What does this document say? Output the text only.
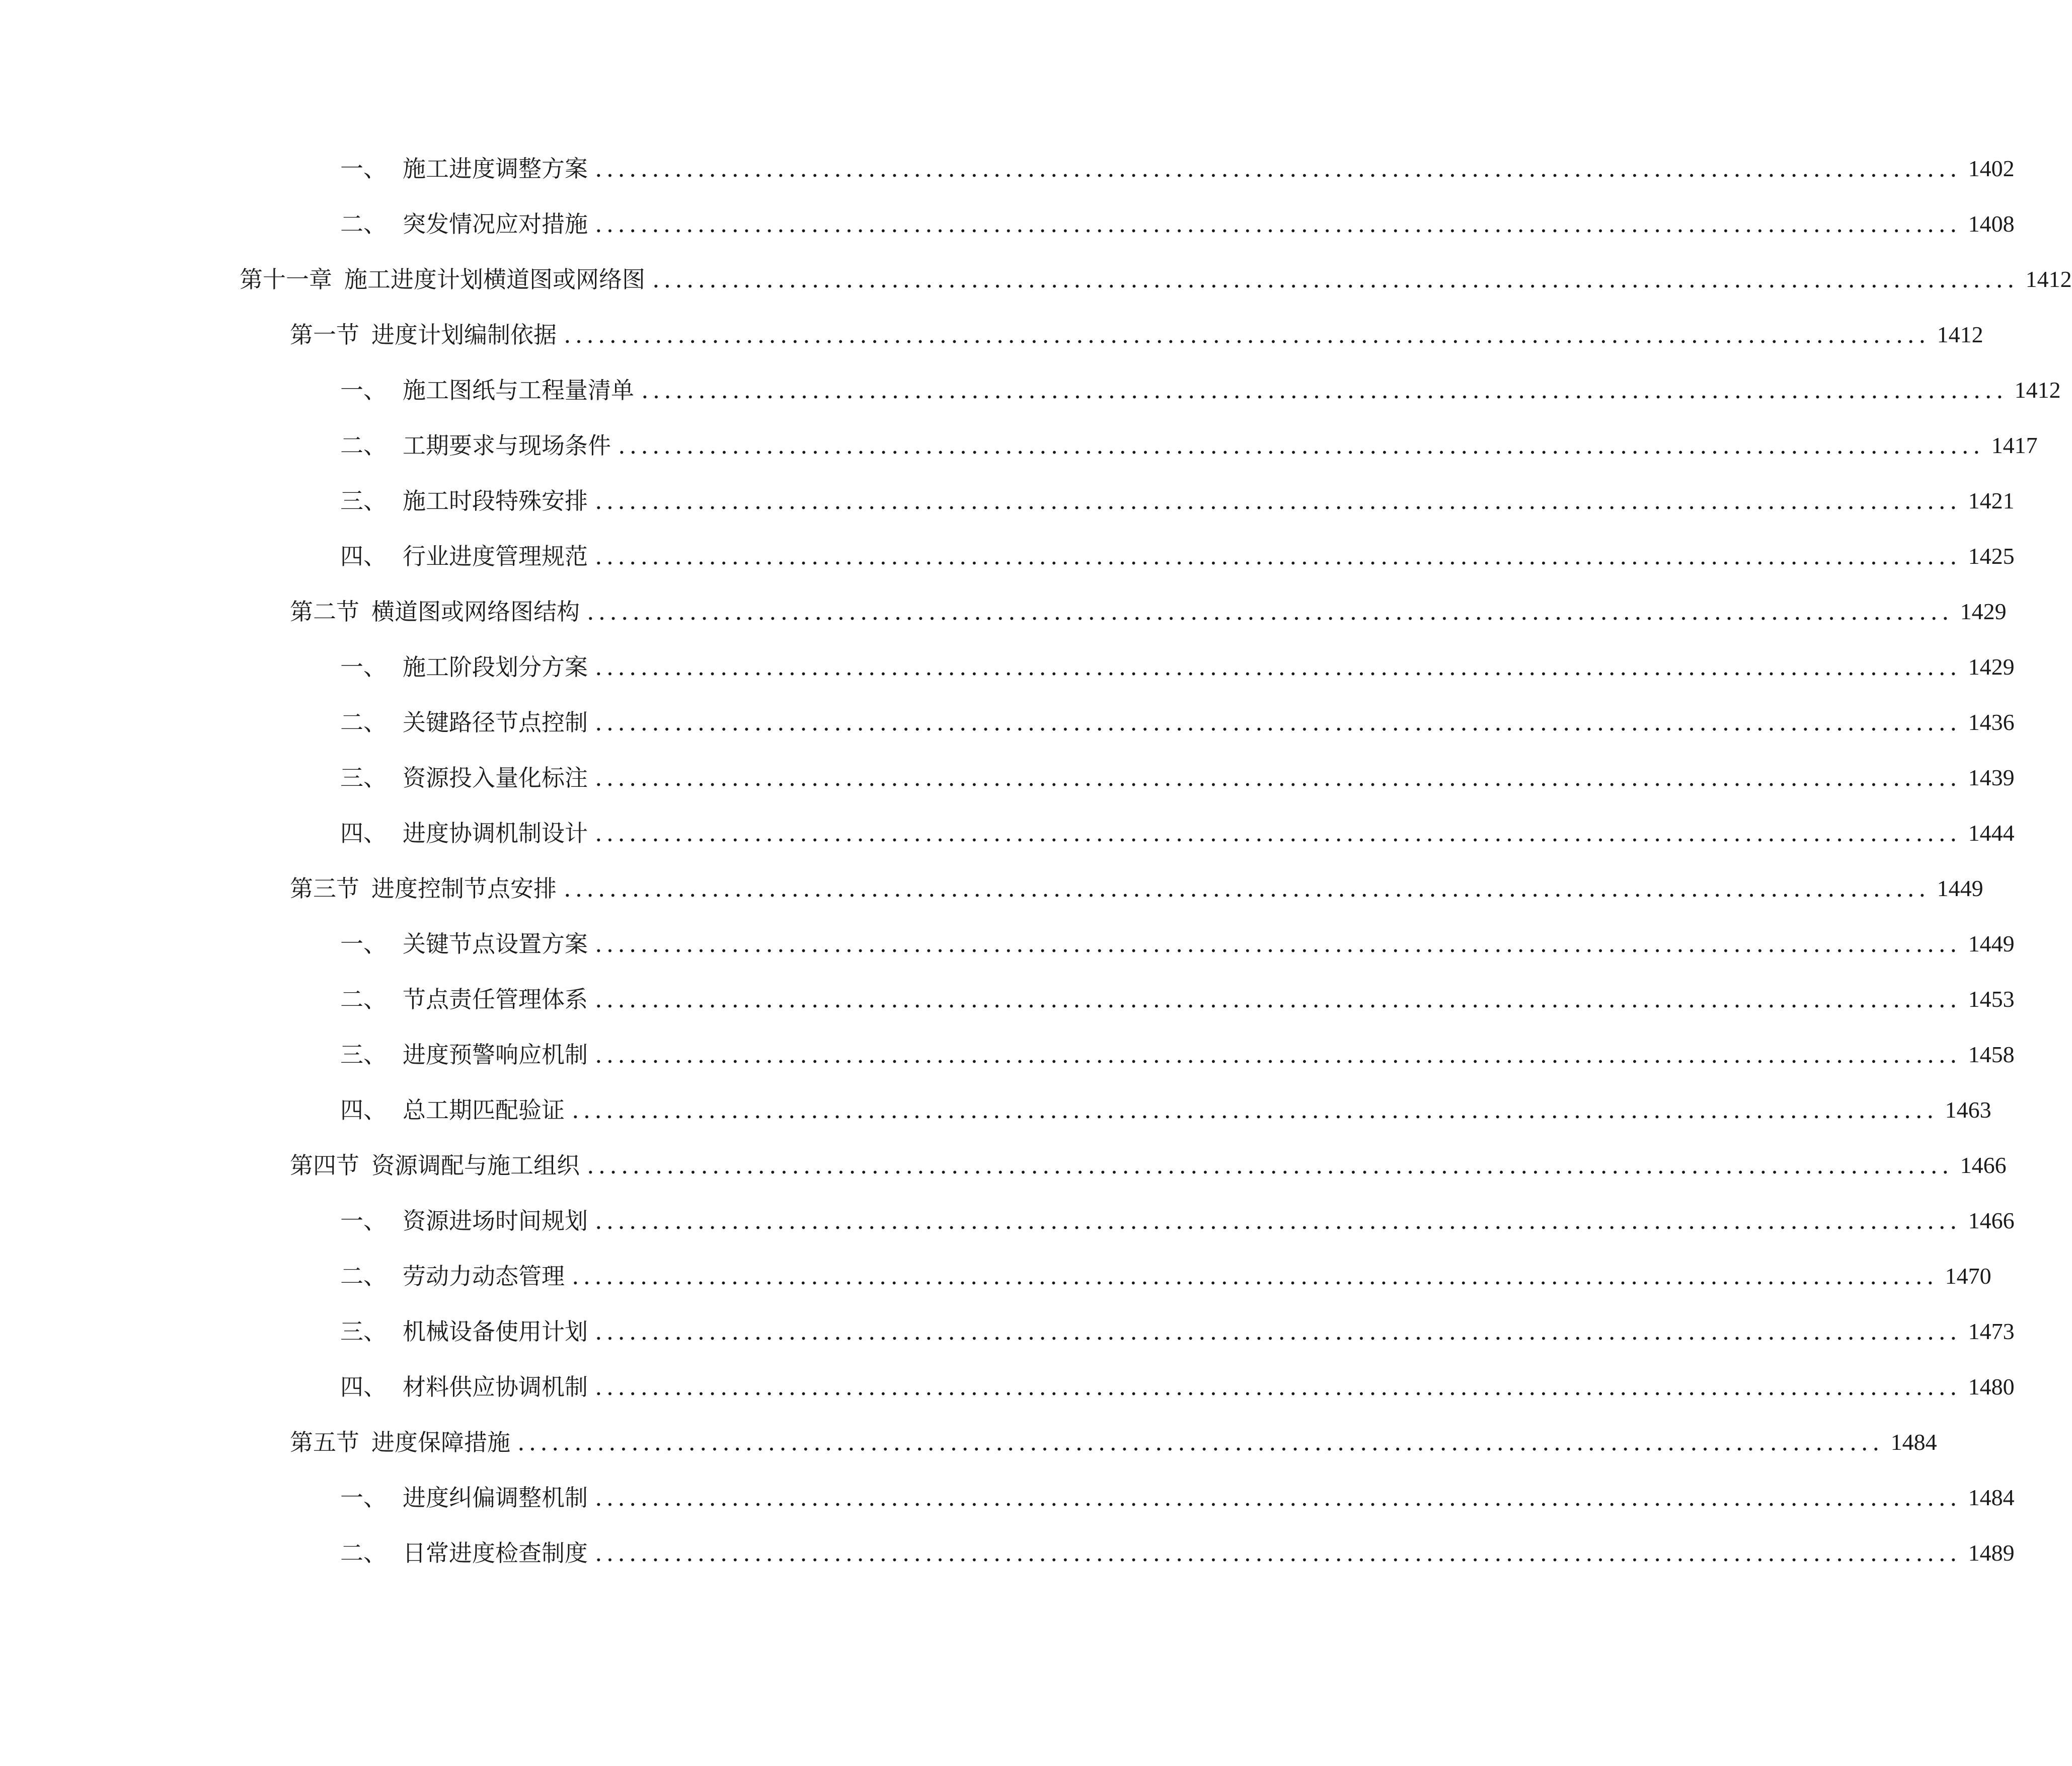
一、 施工进度调整方案 ........................................................................................................................ 1402
二、 突发情况应对措施 ........................................................................................................................ 1408
第十一章 施工进度计划横道图或网络图 ........................................................................................................................ 1412
第一节 进度计划编制依据 ........................................................................................................................ 1412
一、 施工图纸与工程量清单 ........................................................................................................................ 1412
二、 工期要求与现场条件 ........................................................................................................................ 1417
三、 施工时段特殊安排 ........................................................................................................................ 1421
四、 行业进度管理规范 ........................................................................................................................ 1425
第二节 横道图或网络图结构 ........................................................................................................................ 1429
一、 施工阶段划分方案 ........................................................................................................................ 1429
二、 关键路径节点控制 ........................................................................................................................ 1436
三、 资源投入量化标注 ........................................................................................................................ 1439
四、 进度协调机制设计 ........................................................................................................................ 1444
第三节 进度控制节点安排 ........................................................................................................................ 1449
一、 关键节点设置方案 ........................................................................................................................ 1449
二、 节点责任管理体系 ........................................................................................................................ 1453
三、 进度预警响应机制 ........................................................................................................................ 1458
四、 总工期匹配验证 ........................................................................................................................ 1463
第四节 资源调配与施工组织 ........................................................................................................................ 1466
一、 资源进场时间规划 ........................................................................................................................ 1466
二、 劳动力动态管理 ........................................................................................................................ 1470
三、 机械设备使用计划 ........................................................................................................................ 1473
四、 材料供应协调机制 ........................................................................................................................ 1480
第五节 进度保障措施 ........................................................................................................................ 1484
一、 进度纠偏调整机制 ........................................................................................................................ 1484
二、 日常进度检查制度 ........................................................................................................................ 1489
